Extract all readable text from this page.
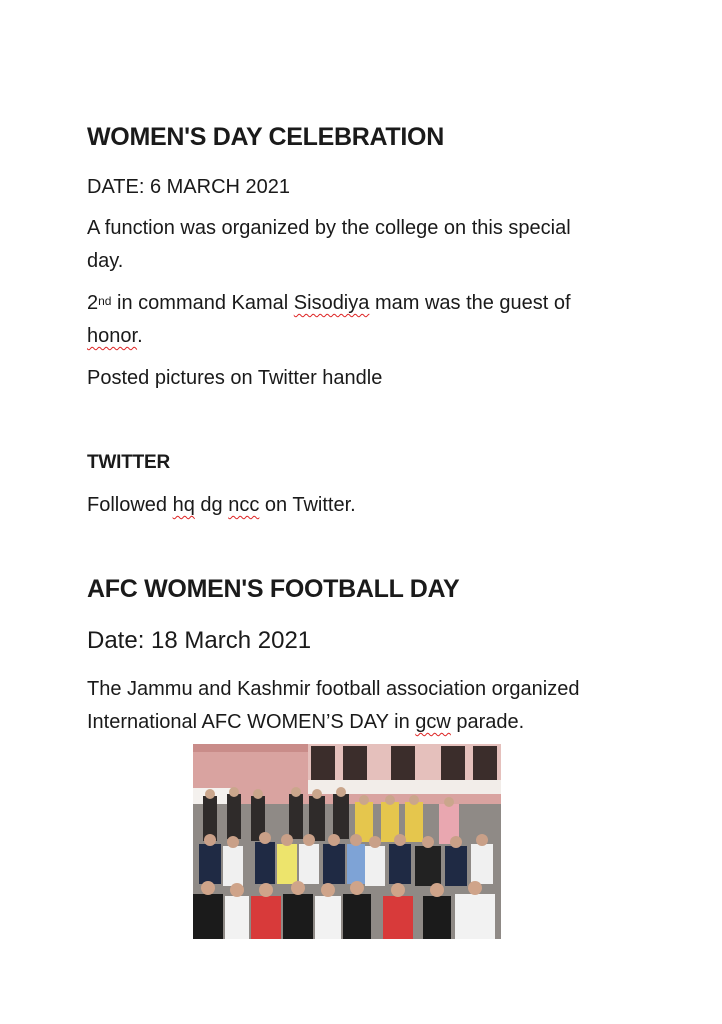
WOMEN'S DAY CELEBRATION

DATE: 6 MARCH 2021

A function was organized by the college on this special

day.

2nd in command Kamal Sisodiya mam was the guest of

honor.

Posted pictures on Twitter handle

TWITTER

Followed hq dg ncc on Twitter.

AFC WOMEN'S FOOTBALL DAY

Date: 18 March 2021

The Jammu and Kashmir football association organized

International AFC WOMEN’S DAY in gcw parade.
